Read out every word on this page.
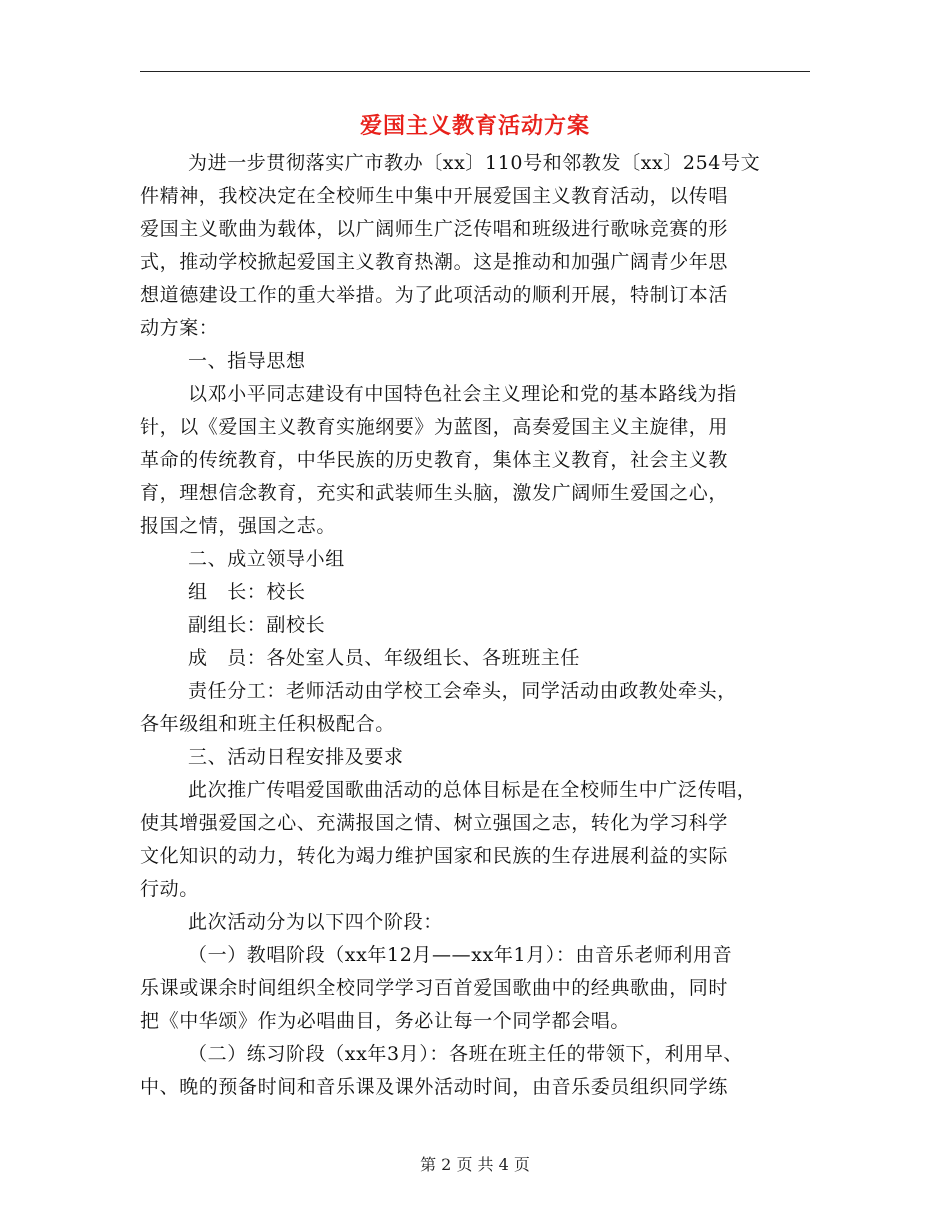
爱国主义教育活动方案
为进一步贯彻落实广市教办〔xx〕110号和邻教发〔xx〕254号文
件精神，我校决定在全校师生中集中开展爱国主义教育活动，以传唱
爱国主义歌曲为载体，以广阔师生广泛传唱和班级进行歌咏竞赛的形
式，推动学校掀起爱国主义教育热潮。这是推动和加强广阔青少年思
想道德建设工作的重大举措。为了此项活动的顺利开展，特制订本活
动方案：
一、指导思想
以邓小平同志建设有中国特色社会主义理论和党的基本路线为指
针，以《爱国主义教育实施纲要》为蓝图，高奏爱国主义主旋律，用
革命的传统教育，中华民族的历史教育，集体主义教育，社会主义教
育，理想信念教育，充实和武装师生头脑，激发广阔师生爱国之心，
报国之情，强国之志。
二、成立领导小组
组　长：校长
副组长：副校长
成　员：各处室人员、年级组长、各班班主任
责任分工：老师活动由学校工会牵头，同学活动由政教处牵头，
各年级组和班主任积极配合。
三、活动日程安排及要求
此次推广传唱爱国歌曲活动的总体目标是在全校师生中广泛传唱，
使其增强爱国之心、充满报国之情、树立强国之志，转化为学习科学
文化知识的动力，转化为竭力维护国家和民族的生存进展利益的实际
行动。
此次活动分为以下四个阶段：
（一）教唱阶段（xx年12月——xx年1月）：由音乐老师利用音
乐课或课余时间组织全校同学学习百首爱国歌曲中的经典歌曲，同时
把《中华颂》作为必唱曲目，务必让每一个同学都会唱。
（二）练习阶段（xx年3月）：各班在班主任的带领下，利用早、
中、晚的预备时间和音乐课及课外活动时间，由音乐委员组织同学练
第 2 页 共 4 页
